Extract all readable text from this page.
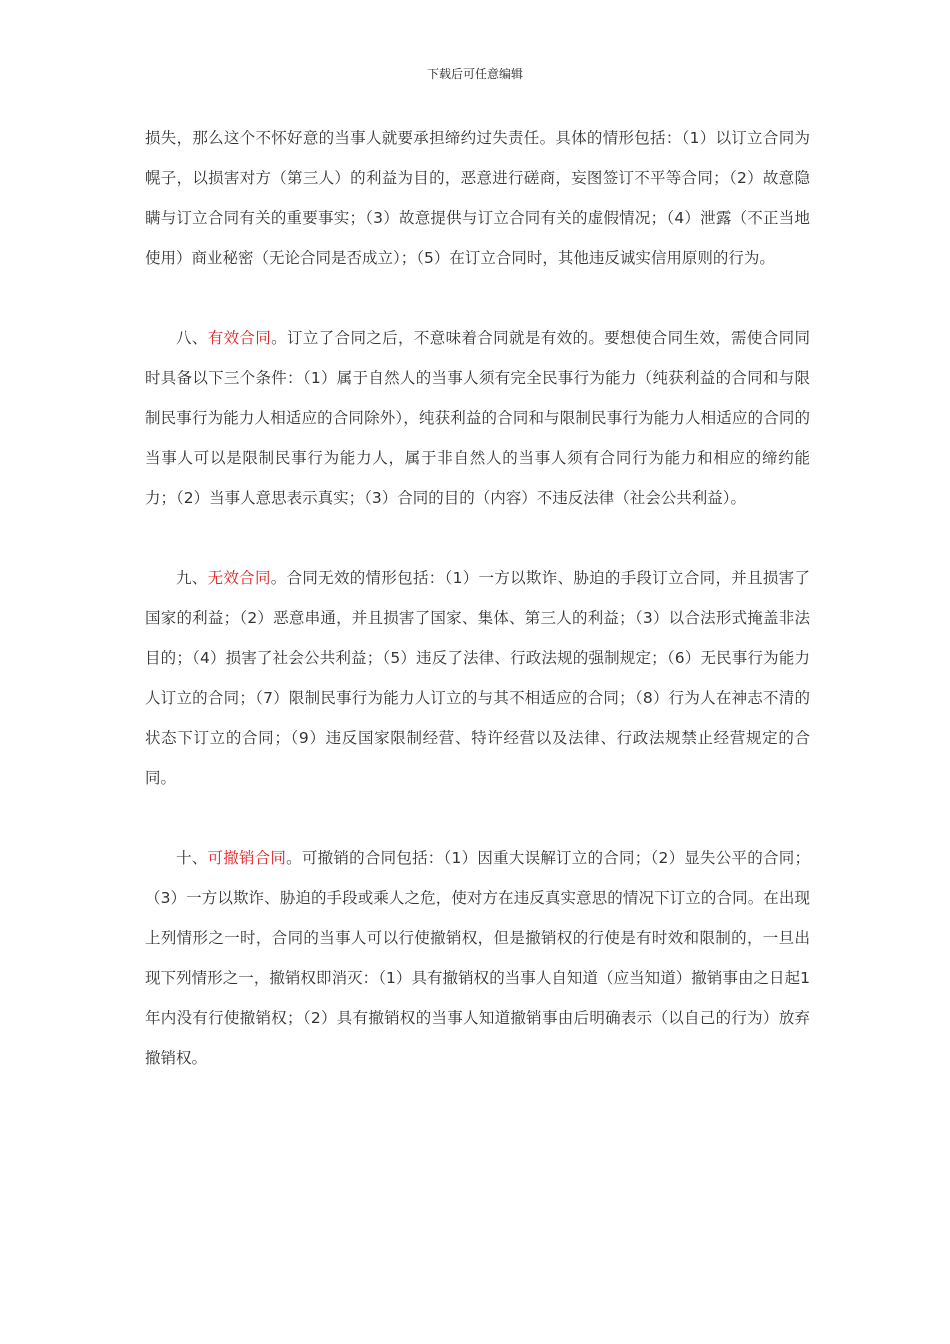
下载后可任意编辑

损失，那么这个不怀好意的当事人就要承担缔约过失责任。具体的情形包括：（1）以订立合同为幌子，以损害对方（第三人）的利益为目的，恶意进行磋商，妄图签订不平等合同；（2）故意隐瞒与订立合同有关的重要事实；（3）故意提供与订立合同有关的虚假情况；（4）泄露（不正当地使用）商业秘密（无论合同是否成立）；（5）在订立合同时，其他违反诚实信用原则的行为。

八、有效合同。订立了合同之后，不意味着合同就是有效的。要想使合同生效，需使合同同时具备以下三个条件：（1）属于自然人的当事人须有完全民事行为能力（纯获利益的合同和与限制民事行为能力人相适应的合同除外），纯获利益的合同和与限制民事行为能力人相适应的合同的当事人可以是限制民事行为能力人，属于非自然人的当事人须有合同行为能力和相应的缔约能力；（2）当事人意思表示真实；（3）合同的目的（内容）不违反法律（社会公共利益）。

九、无效合同。合同无效的情形包括：（1）一方以欺诈、胁迫的手段订立合同，并且损害了国家的利益；（2）恶意串通，并且损害了国家、集体、第三人的利益；（3）以合法形式掩盖非法目的；（4）损害了社会公共利益；（5）违反了法律、行政法规的强制规定；（6）无民事行为能力人订立的合同；（7）限制民事行为能力人订立的与其不相适应的合同；（8）行为人在神志不清的状态下订立的合同；（9）违反国家限制经营、特许经营以及法律、行政法规禁止经营规定的合同。

十、可撤销合同。可撤销的合同包括：（1）因重大误解订立的合同；（2）显失公平的合同；（3）一方以欺诈、胁迫的手段或乘人之危，使对方在违反真实意思的情况下订立的合同。在出现上列情形之一时，合同的当事人可以行使撤销权，但是撤销权的行使是有时效和限制的，一旦出现下列情形之一，撤销权即消灭：（1）具有撤销权的当事人自知道（应当知道）撤销事由之日起1年内没有行使撤销权；（2）具有撤销权的当事人知道撤销事由后明确表示（以自己的行为）放弃撤销权。
